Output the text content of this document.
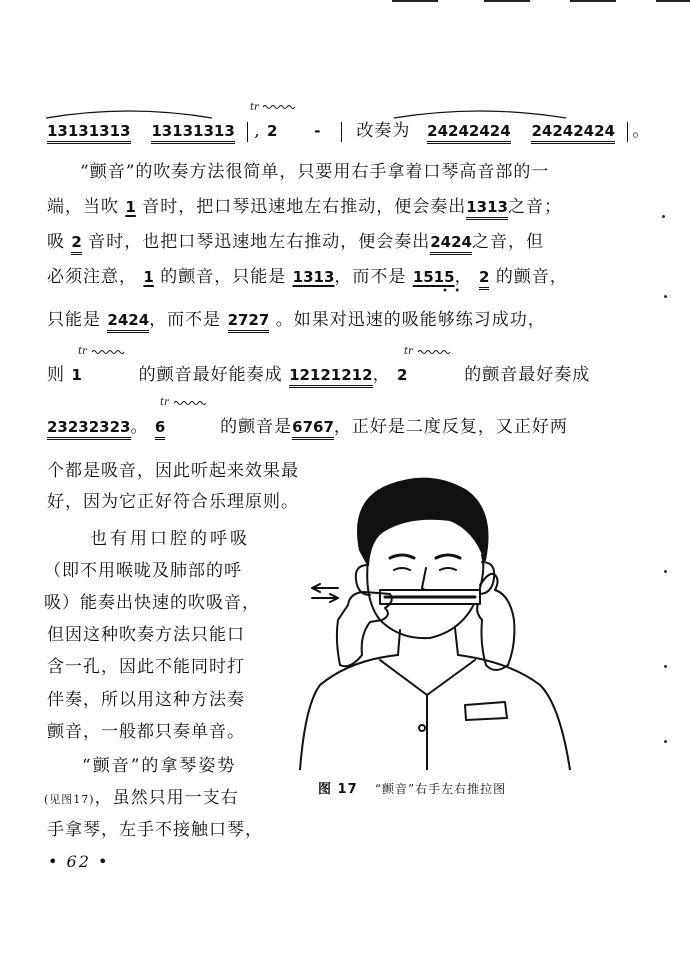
13131313 13131313 , 2 - 改奏为 24242424 24242424 。
tr
“颤音”的吹奏方法很简单，只要用右手拿着口琴高音部的一
端，当吹 1 音时，把口琴迅速地左右推动，便会奏出1313之音；
吸 2 音时，也把口琴迅速地左右推动，便会奏出2424之音，但
必须注意， 1 的颤音，只能是 1313，而不是 1515， 2 的颤音，
•  •
只能是 2424，而不是 2727 。如果对迅速的吸能够练习成功，
tr	tr
则 1	的颤音最好能奏成 12121212， 2	的颤音最好奏成
tr
23232323。 6	的颤音是6767，正好是二度反复，又正好两
个都是吸音，因此听起来效果最
好，因为它正好符合乐理原则。
也有用口腔的呼吸
（即不用喉咙及肺部的呼
吸）能奏出快速的吹吸音，
但因这种吹奏方法只能口
含一孔，因此不能同时打
伴奏，所以用这种方法奏
颤音，一般都只奏单音。
“颤音”的拿琴姿势
(见图17)，虽然只用一支右
手拿琴，左手不接触口琴，
图 17 “颤音”右手左右推拉图
• 62 •
